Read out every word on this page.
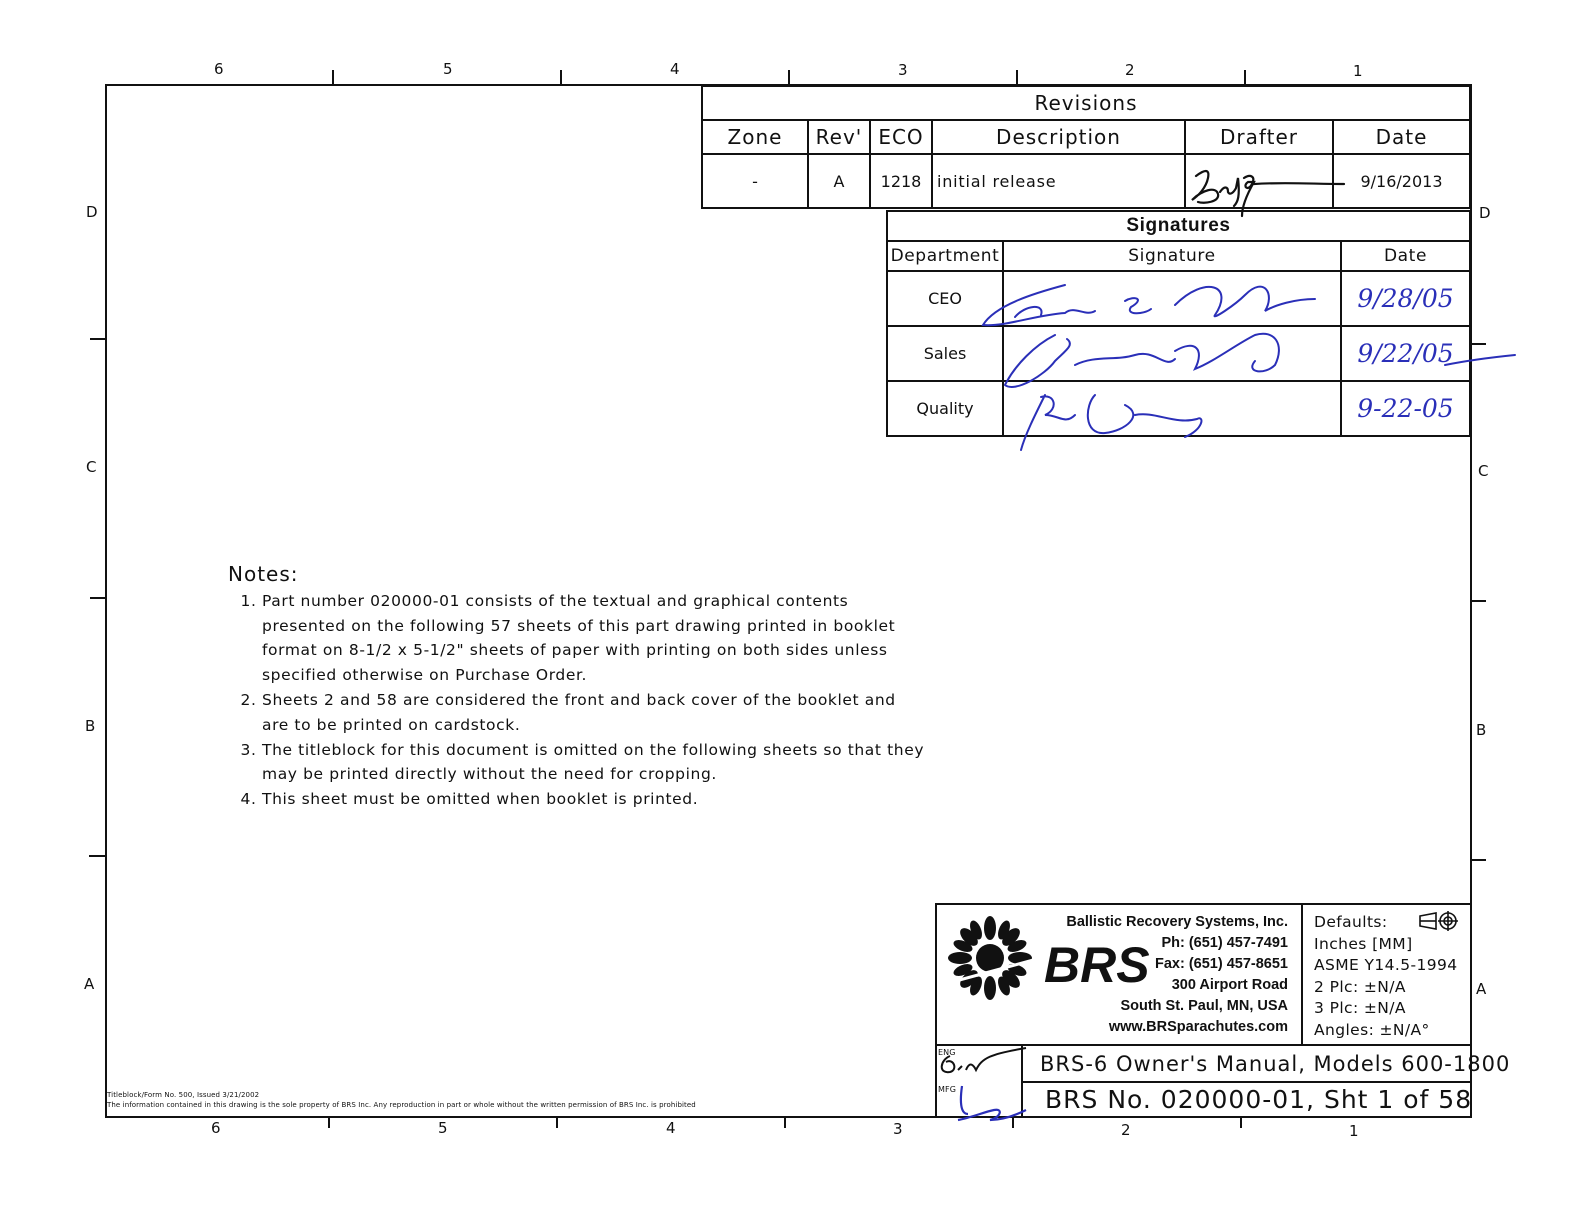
6	5	4	3	2	1
6	5	4	3	2	1
D
C
B
A
D
C
B
A
Revisions					
Zone	Rev'	ECO	Description	Drafter	Date
-	A	1218	initial release		9/16/2013
Signatures		
Department	Signature	Date
CEO		9/28/05
Sales		9/22/05
Quality		9-22-05
Notes:
1. Part number 020000-01 consists of the textual and graphical contents presented on the following 57 sheets of this part drawing printed in booklet format on 8-1/2 x 5-1/2" sheets of paper with printing on both sides unless specified otherwise on Purchase Order.
2. Sheets 2 and 58 are considered the front and back cover of the booklet and are to be printed on cardstock.
3. The titleblock for this document is omitted on the following sheets so that they may be printed directly without the need for cropping.
4. This sheet must be omitted when booklet is printed.
BRS
Ballistic Recovery Systems, Inc.
Ph: (651) 457-7491
Fax: (651) 457-8651
300 Airport Road
South St. Paul, MN, USA
www.BRSparachutes.com
Defaults:
Inches [MM]
ASME Y14.5-1994
2 Plc: ±N/A
3 Plc: ±N/A
Angles: ±N/A°
ENG
MFG
BRS-6 Owner's Manual, Models 600-1800
BRS No. 020000-01, Sht 1 of 58
Titleblock/Form No. 500, Issued 3/21/2002
The information contained in this drawing is the sole property of BRS Inc. Any reproduction in part or whole without the written permission of BRS Inc. is prohibited
